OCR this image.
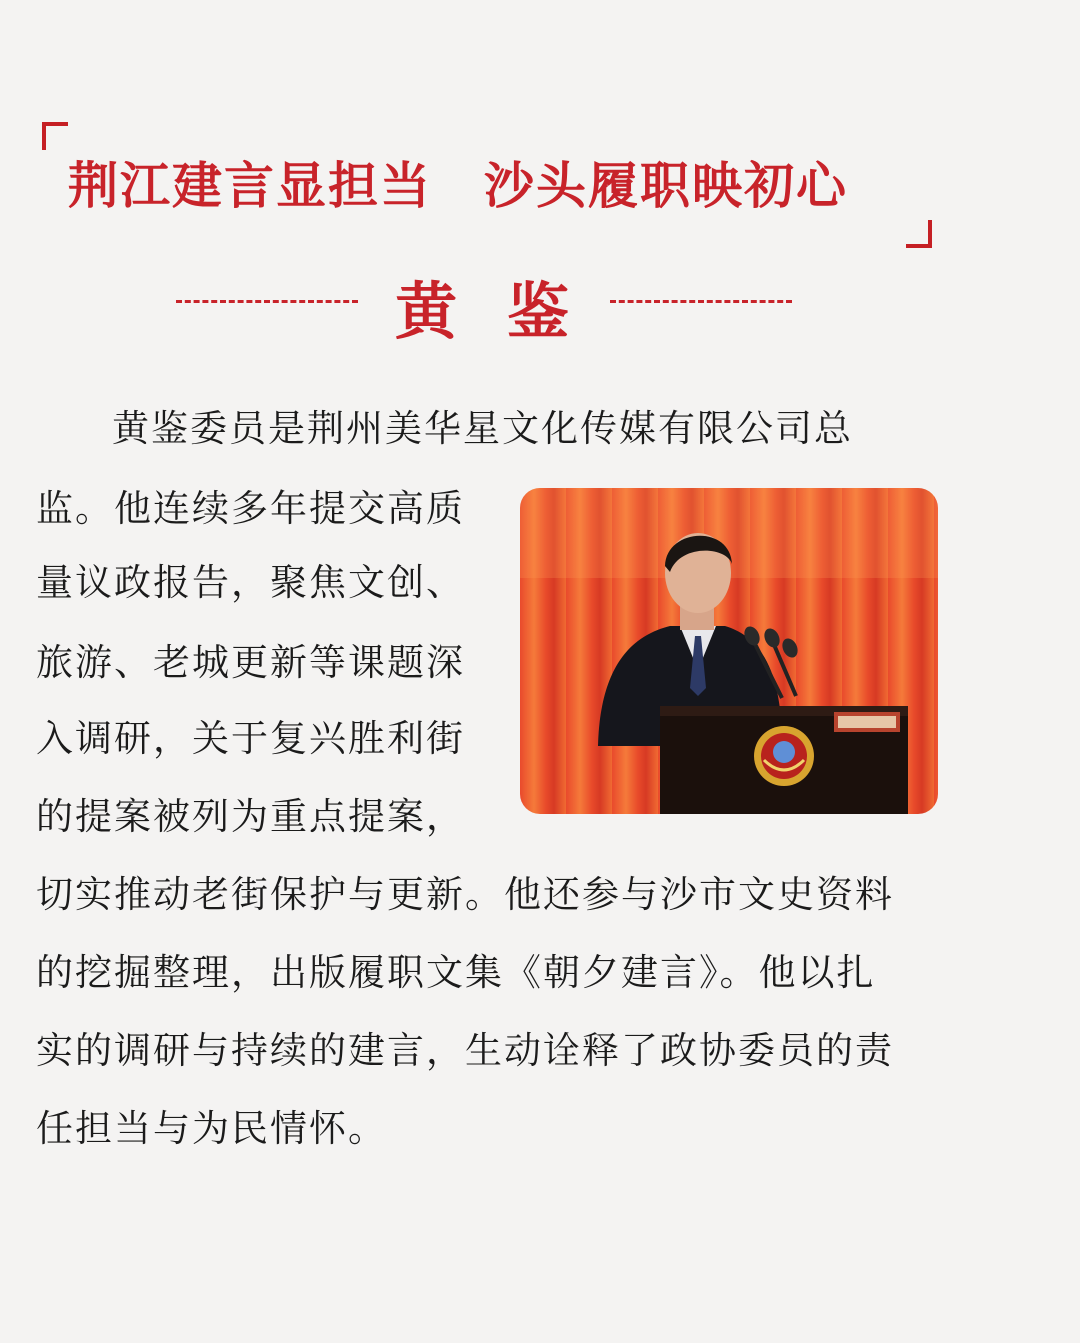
荆江建言显担当 沙头履职映初心
黄鉴
黄鉴委员是荆州美华星文化传媒有限公司总
监。他连续多年提交高质
量议政报告，聚焦文创、
旅游、老城更新等课题深
入调研，关于复兴胜利街
的提案被列为重点提案，
切实推动老街保护与更新。他还参与沙市文史资料
的挖掘整理，出版履职文集《朝夕建言》。他以扎
实的调研与持续的建言，生动诠释了政协委员的责
任担当与为民情怀。
